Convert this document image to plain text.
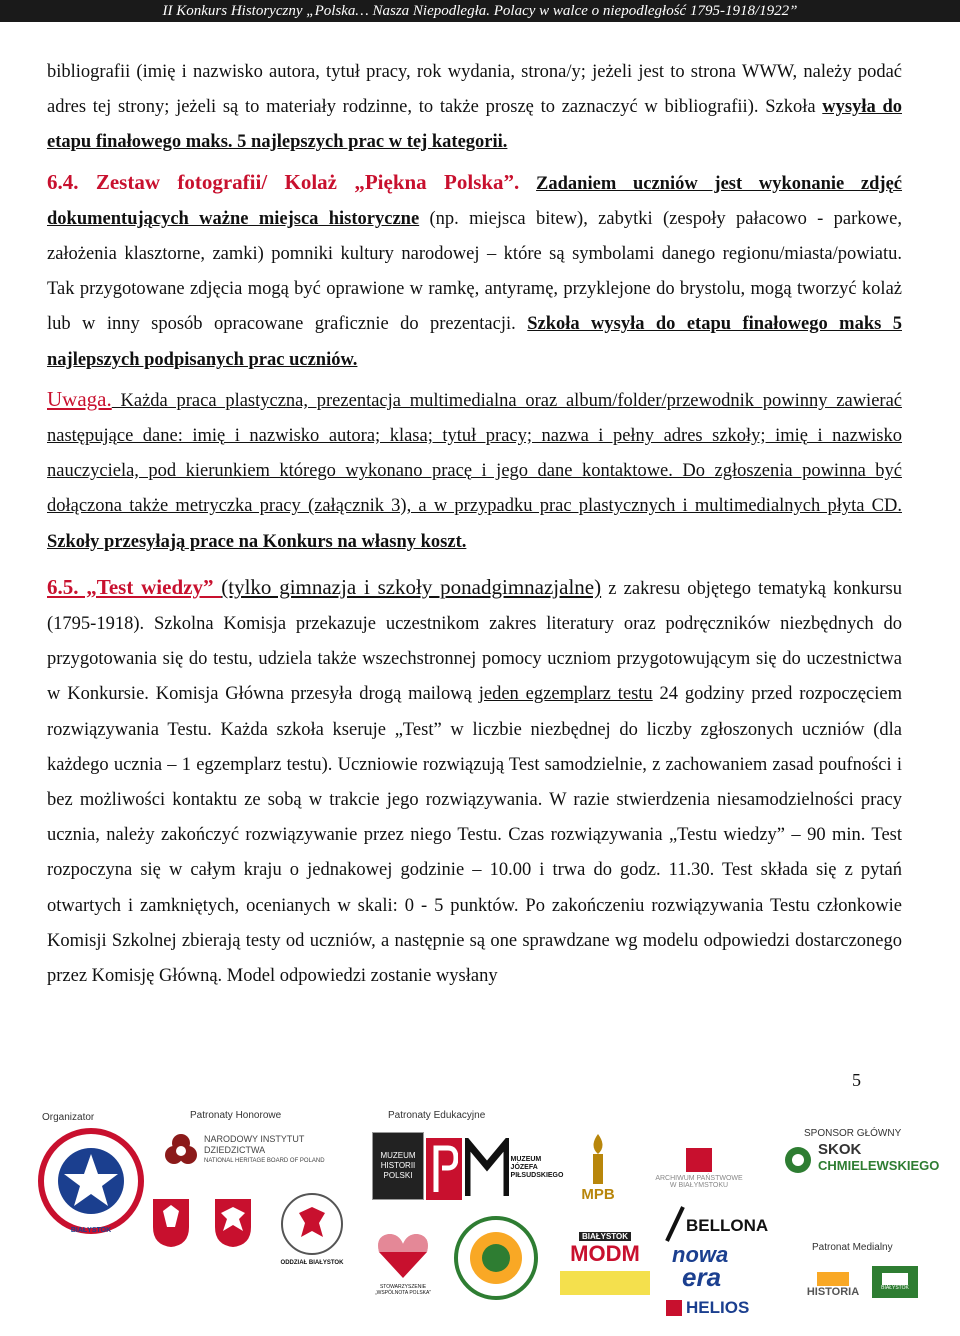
II Konkurs Historyczny „Polska… Nasza Niepodległa. Polacy w walce o niepodległość 1795-1918/1922”

bibliografii (imię i nazwisko autora, tytuł pracy, rok wydania, strona/y; jeżeli jest to strona WWW, należy podać adres tej strony; jeżeli są to materiały rodzinne, to także proszę to zaznaczyć w bibliografii). Szkoła wysyła do etapu finałowego maks. 5 najlepszych prac w tej kategorii.

6.4. Zestaw fotografii/ Kolaż „Piękna Polska”. Zadaniem uczniów jest wykonanie zdjęć dokumentujących ważne miejsca historyczne (np. miejsca bitew), zabytki (zespoły pałacowo - parkowe, założenia klasztorne, zamki) pomniki kultury narodowej – które są symbolami danego regionu/miasta/powiatu. Tak przygotowane zdjęcia mogą być oprawione w ramkę, antyramę, przyklejone do brystolu, mogą tworzyć kolaż lub w inny sposób opracowane graficznie do prezentacji. Szkoła wysyła do etapu finałowego maks 5 najlepszych podpisanych prac uczniów.

Uwaga. Każda praca plastyczna, prezentacja multimedialna oraz album/folder/przewodnik powinny zawierać następujące dane: imię i nazwisko autora; klasa; tytuł pracy; nazwa i pełny adres szkoły; imię i nazwisko nauczyciela, pod kierunkiem którego wykonano pracę i jego dane kontaktowe. Do zgłoszenia powinna być dołączona także metryczka pracy (załącznik 3), a w przypadku prac plastycznych i multimedialnych płyta CD. Szkoły przesyłają prace na Konkurs na własny koszt.

6.5. „Test wiedzy” (tylko gimnazja i szkoły ponadgimnazjalne) z zakresu objętego tematyką konkursu (1795-1918). Szkolna Komisja przekazuje uczestnikom zakres literatury oraz podręczników niezbędnych do przygotowania się do testu, udziela także wszechstronnej pomocy uczniom przygotowującym się do uczestnictwa w Konkursie. Komisja Główna przesyła drogą mailową jeden egzemplarz testu 24 godziny przed rozpoczęciem rozwiązywania Testu. Każda szkoła kseruje „Test” w liczbie niezbędnej do liczby zgłoszonych uczniów (dla każdego ucznia – 1 egzemplarz testu). Uczniowie rozwiązują Test samodzielnie, z zachowaniem zasad poufności i bez możliwości kontaktu ze sobą w trakcie jego rozwiązywania. W razie stwierdzenia niesamodzielności pracy ucznia, należy zakończyć rozwiązywanie przez niego Testu. Czas rozwiązywania „Testu wiedzy” – 90 min. Test rozpoczyna się w całym kraju o jednakowej godzinie – 10.00 i trwa do godz. 11.30. Test składa się z pytań otwartych i zamkniętych, ocenianych w skali: 0 - 5 punktów. Po zakończeniu rozwiązywania Testu członkowie Komisji Szkolnej zbierają testy od uczniów, a następnie są one sprawdzane wg modelu odpowiedzi dostarczonego przez Komisję Główną. Model odpowiedzi zostanie wysłany

5
Organizator	Patronaty Honorowe	Patronaty Edukacyjne
SPONSOR GŁÓWNY
Patronat Medialny
BIAŁYSTOK
NARODOWY INSTYTUT
DZIEDZICTWA
NATIONAL HERITAGE BOARD OF POLAND
ODDZIAŁ BIAŁYSTOK
MUZEUM HISTORII POLSKI
MUZEUM
JÓZEFA
PIŁSUDSKIEGO
MPB
ARCHIWUM PAŃSTWOWE
W BIAŁYMSTOKU
STOWARZYSZENIE „WSPÓLNOTA POLSKA”
BIAŁYSTOK
MODM
BELLONA
nowa
era
HELIOS
SKOK
CHMIELEWSKIEGO
HISTORIA	BIAŁYSTOK
